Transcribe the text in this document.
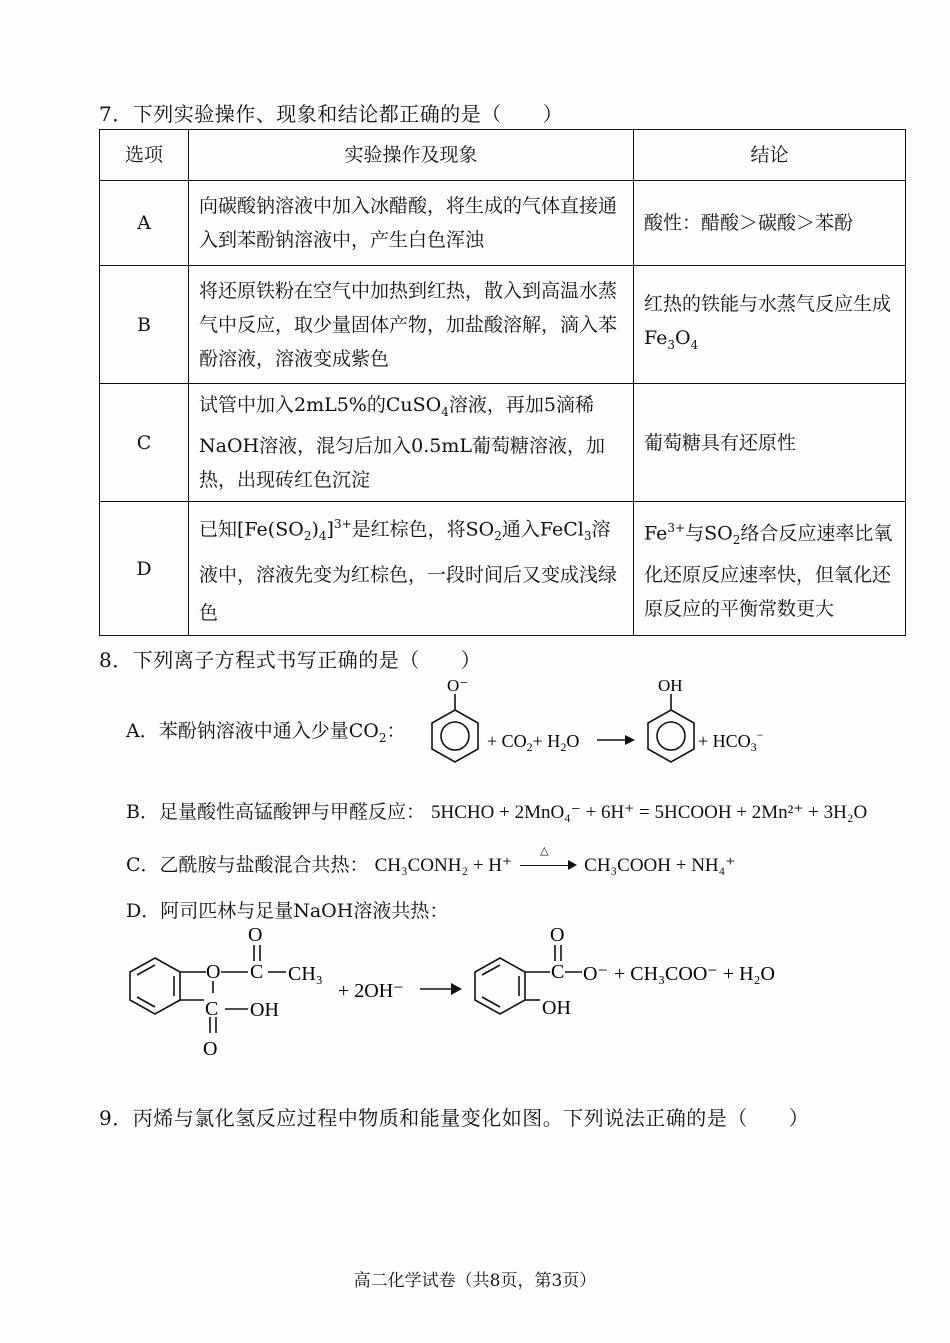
7．下列实验操作、现象和结论都正确的是（　　）
选项	实验操作及现象	结论
A	向碳酸钠溶液中加入冰醋酸，将生成的气体直接通入到苯酚钠溶液中，产生白色浑浊	酸性：醋酸＞碳酸＞苯酚
B	将还原铁粉在空气中加热到红热，散入到高温水蒸气中反应，取少量固体产物，加盐酸溶解，滴入苯酚溶液，溶液变成紫色	红热的铁能与水蒸气反应生成 $Fe_3O_4$
C	试管中加入2mL5%的CuSO$_4$溶液，再加5滴稀NaOH溶液，混匀后加入0.5mL葡萄糖溶液，加热，出现砖红色沉淀	葡萄糖具有还原性
D	已知$[Fe(SO_2)_4]^{3+}$是红棕色，将$SO_2$通入FeCl$_3$溶液中，溶液先变为红棕色，一段时间后又变成浅绿色	$Fe^{3+}$与$SO_2$络合反应速率比氧化还原反应速率快，但氧化还原反应的平衡常数更大
8．下列离子方程式书写正确的是（　　）
A．苯酚钠溶液中通入少量$CO_2$：
O⁻
+ $CO_2+ H_2O$
OH
+ $HCO_3^-$
B．足量酸性高锰酸钾与甲醛反应： 5HCHO + 2MnO₄⁻ + 6H⁺ = 5HCOOH + 2Mn²⁺ + 3H₂O
C．乙酰胺与盐酸混合共热： CH₃CONH₂ + H⁺
△
CH₃COOH + NH₄⁺
D．阿司匹林与足量NaOH溶液共热：
O
O C CH₃
C OH
O
+ 2OH⁻
O
C O⁻ + CH₃COO⁻ + H₂O
OH
9．丙烯与氯化氢反应过程中物质和能量变化如图。下列说法正确的是（　　）
高二化学试卷（共8页，第3页）
